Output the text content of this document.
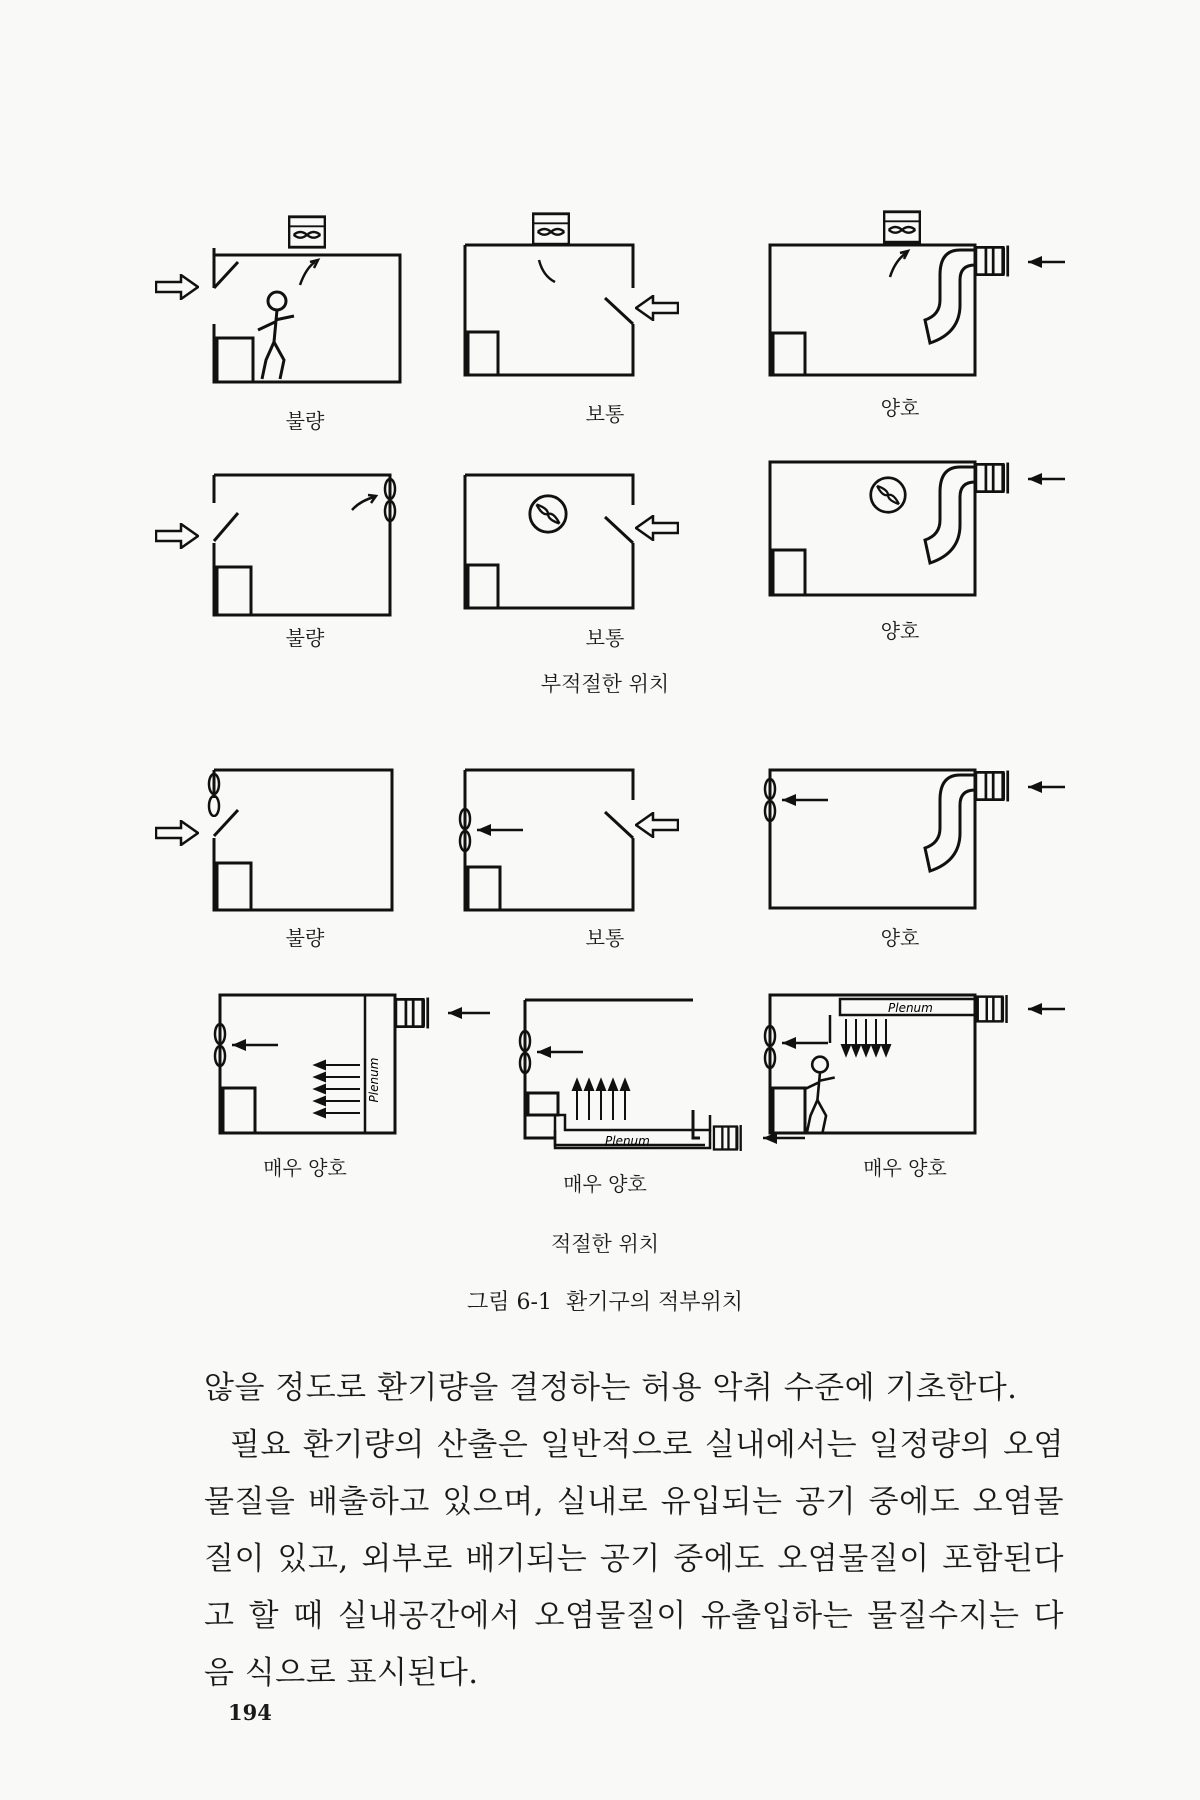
불량	보통	양호
불량	보통	양호
부적절한 위치
불량	보통	양호
Plenum
매우 양호
Plenum
매우 양호
Plenum
매우 양호
적절한 위치
그림 6-1 환기구의 적부위치

않을 정도로 환기량을 결정하는 허용 악취 수준에 기초한다.

필요 환기량의 산출은 일반적으로 실내에서는 일정량의 오염물질을 배출하고 있으며, 실내로 유입되는 공기 중에도 오염물질이 있고, 외부로 배기되는 공기 중에도 오염물질이 포함된다고 할 때 실내공간에서 오염물질이 유출입하는 물질수지는 다음 식으로 표시된다.

194
